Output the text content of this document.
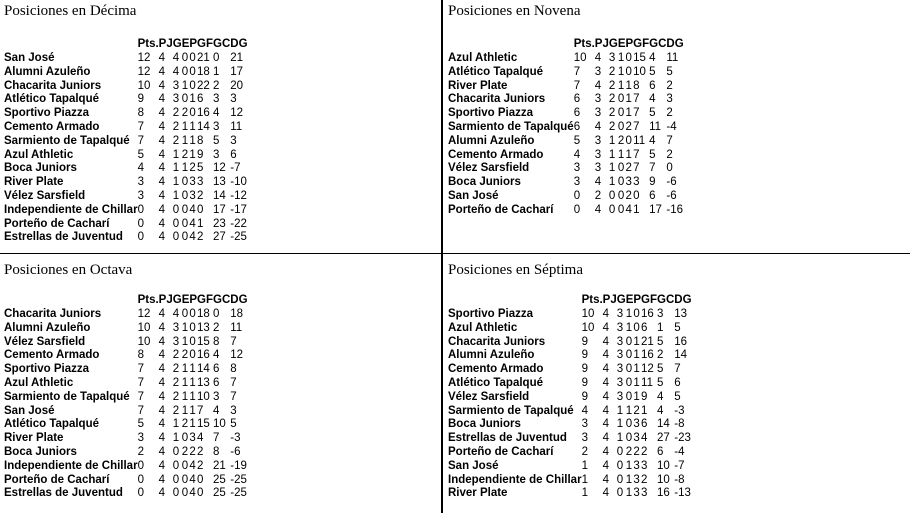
Posiciones en Décima
	Pts.	PJ	G	E	P	GF	GC	DG
San José	12	4	4	0	0	21	0	21
Alumni Azuleño	12	4	4	0	0	18	1	17
Chacarita Juniors	10	4	3	1	0	22	2	20
Atlético Tapalqué	9	4	3	0	1	6	3	3
Sportivo Piazza	8	4	2	2	0	16	4	12
Cemento Armado	7	4	2	1	1	14	3	11
Sarmiento de Tapalqué	7	4	2	1	1	8	5	3
Azul Athletic	5	4	1	2	1	9	3	6
Boca Juniors	4	4	1	1	2	5	12	-7
River Plate	3	4	1	0	3	3	13	-10
Vélez Sarsfield	3	4	1	0	3	2	14	-12
Independiente de Chillar	0	4	0	0	4	0	17	-17
Porteño de Cacharí	0	4	0	0	4	1	23	-22
Estrellas de Juventud	0	4	0	0	4	2	27	-25
Posiciones en Novena
	Pts.	PJ	G	E	P	GF	GC	DG
Azul Athletic	10	4	3	1	0	15	4	11
Atlético Tapalqué	7	3	2	1	0	10	5	5
River Plate	7	4	2	1	1	8	6	2
Chacarita Juniors	6	3	2	0	1	7	4	3
Sportivo Piazza	6	3	2	0	1	7	5	2
Sarmiento de Tapalqué	6	4	2	0	2	7	11	-4
Alumni Azuleño	5	3	1	2	0	11	4	7
Cemento Armado	4	3	1	1	1	7	5	2
Vélez Sarsfield	3	3	1	0	2	7	7	0
Boca Juniors	3	4	1	0	3	3	9	-6
San José	0	2	0	0	2	0	6	-6
Porteño de Cacharí	0	4	0	0	4	1	17	-16
Posiciones en Octava
	Pts.	PJ	G	E	P	GF	GC	DG
Chacarita Juniors	12	4	4	0	0	18	0	18
Alumni Azuleño	10	4	3	1	0	13	2	11
Vélez Sarsfield	10	4	3	1	0	15	8	7
Cemento Armado	8	4	2	2	0	16	4	12
Sportivo Piazza	7	4	2	1	1	14	6	8
Azul Athletic	7	4	2	1	1	13	6	7
Sarmiento de Tapalqué	7	4	2	1	1	10	3	7
San José	7	4	2	1	1	7	4	3
Atlético Tapalqué	5	4	1	2	1	15	10	5
River Plate	3	4	1	0	3	4	7	-3
Boca Juniors	2	4	0	2	2	2	8	-6
Independiente de Chillar	0	4	0	0	4	2	21	-19
Porteño de Cacharí	0	4	0	0	4	0	25	-25
Estrellas de Juventud	0	4	0	0	4	0	25	-25
Posiciones en Séptima
	Pts.	PJ	G	E	P	GF	GC	DG
Sportivo Piazza	10	4	3	1	0	16	3	13
Azul Athletic	10	4	3	1	0	6	1	5
Chacarita Juniors	9	4	3	0	1	21	5	16
Alumni Azuleño	9	4	3	0	1	16	2	14
Cemento Armado	9	4	3	0	1	12	5	7
Atlético Tapalqué	9	4	3	0	1	11	5	6
Vélez Sarsfield	9	4	3	0	1	9	4	5
Sarmiento de Tapalqué	4	4	1	1	2	1	4	-3
Boca Juniors	3	4	1	0	3	6	14	-8
Estrellas de Juventud	3	4	1	0	3	4	27	-23
Porteño de Cacharí	2	4	0	2	2	2	6	-4
San José	1	4	0	1	3	3	10	-7
Independiente de Chillar	1	4	0	1	3	2	10	-8
River Plate	1	4	0	1	3	3	16	-13
